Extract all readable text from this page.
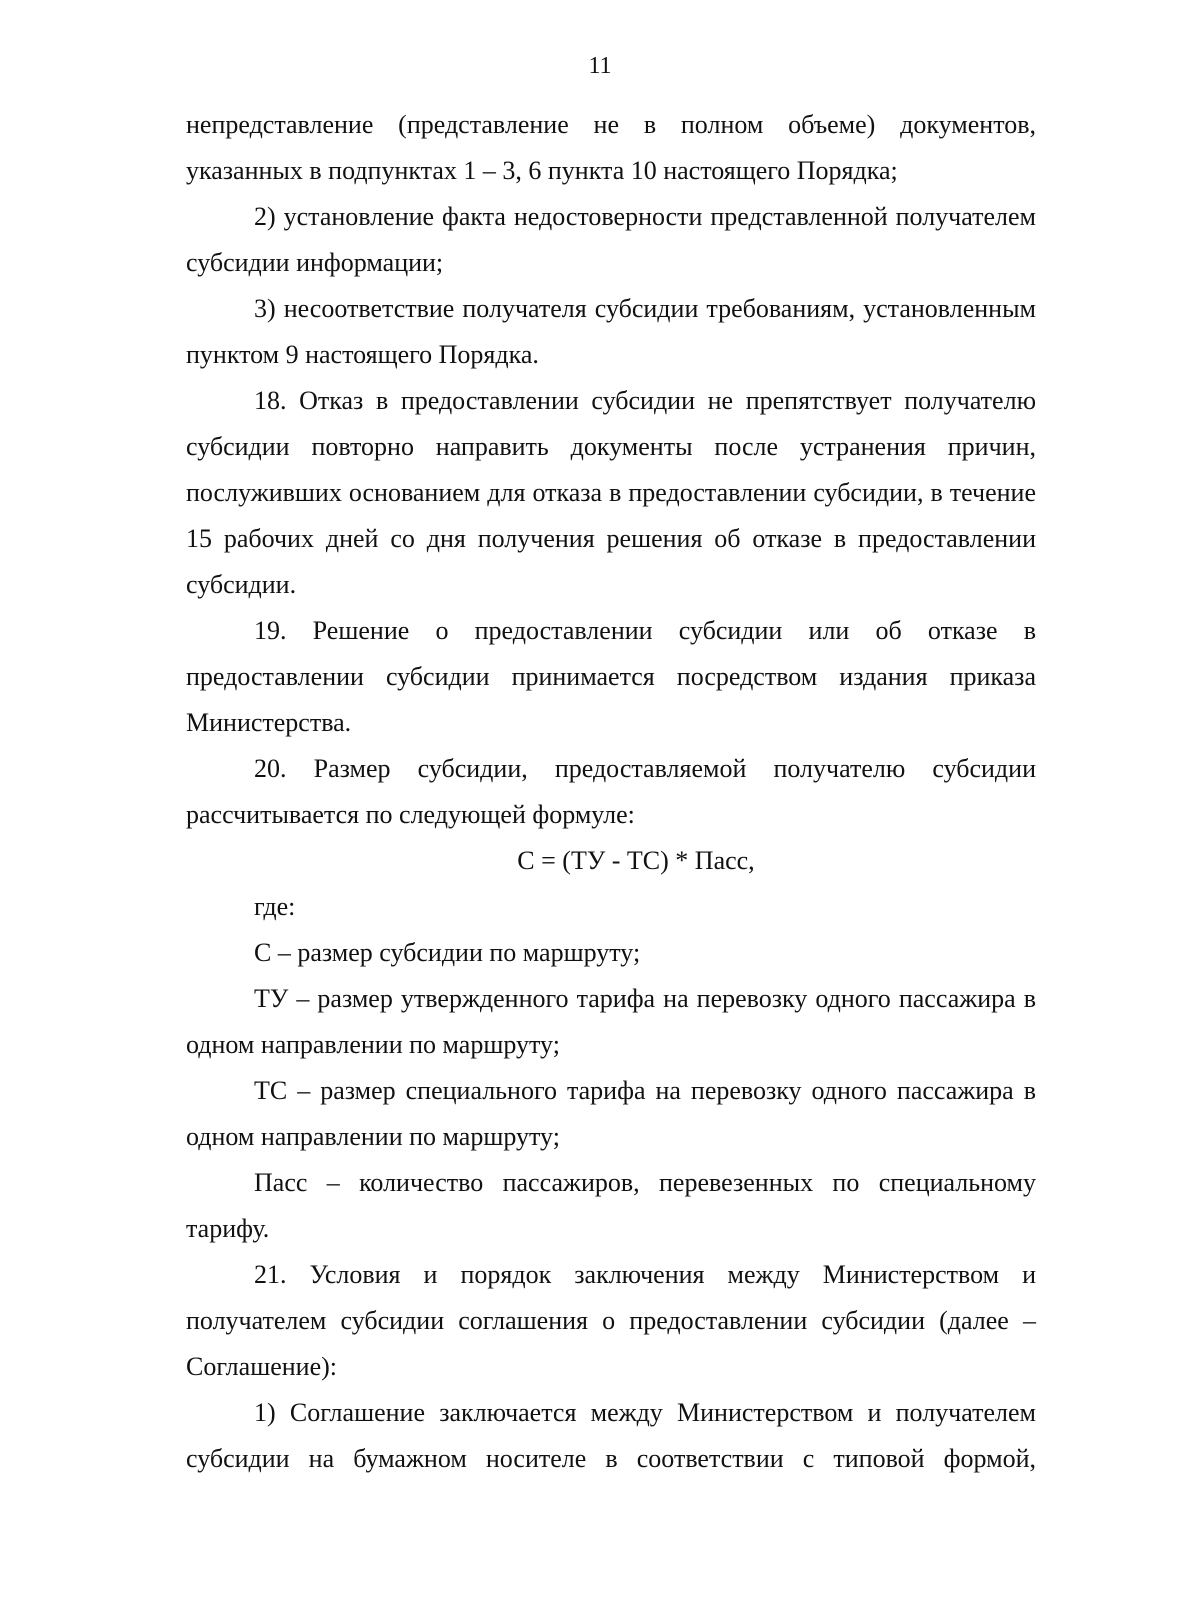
11

непредставление (представление не в полном объеме) документов, указанных в подпунктах 1 – 3, 6 пункта 10 настоящего Порядка;

2) установление факта недостоверности представленной получателем субсидии информации;

3) несоответствие получателя субсидии требованиям, установленным пунктом 9 настоящего Порядка.

18. Отказ в предоставлении субсидии не препятствует получателю субсидии повторно направить документы после устранения причин, послуживших основанием для отказа в предоставлении субсидии, в течение 15 рабочих дней со дня получения решения об отказе в предоставлении субсидии.

19. Решение о предоставлении субсидии или об отказе в предоставлении субсидии принимается посредством издания приказа Министерства.

20. Размер субсидии, предоставляемой получателю субсидии рассчитывается по следующей формуле:

С = (ТУ - ТС) * Пасс,

где:

С – размер субсидии по маршруту;

ТУ – размер утвержденного тарифа на перевозку одного пассажира в одном направлении по маршруту;

ТС – размер специального тарифа на перевозку одного пассажира в одном направлении по маршруту;

Пасс – количество пассажиров, перевезенных по специальному тарифу.

21. Условия и порядок заключения между Министерством и получателем субсидии соглашения о предоставлении субсидии (далее – Соглашение):

1) Соглашение заключается между Министерством и получателем субсидии на бумажном носителе в соответствии с типовой формой,
